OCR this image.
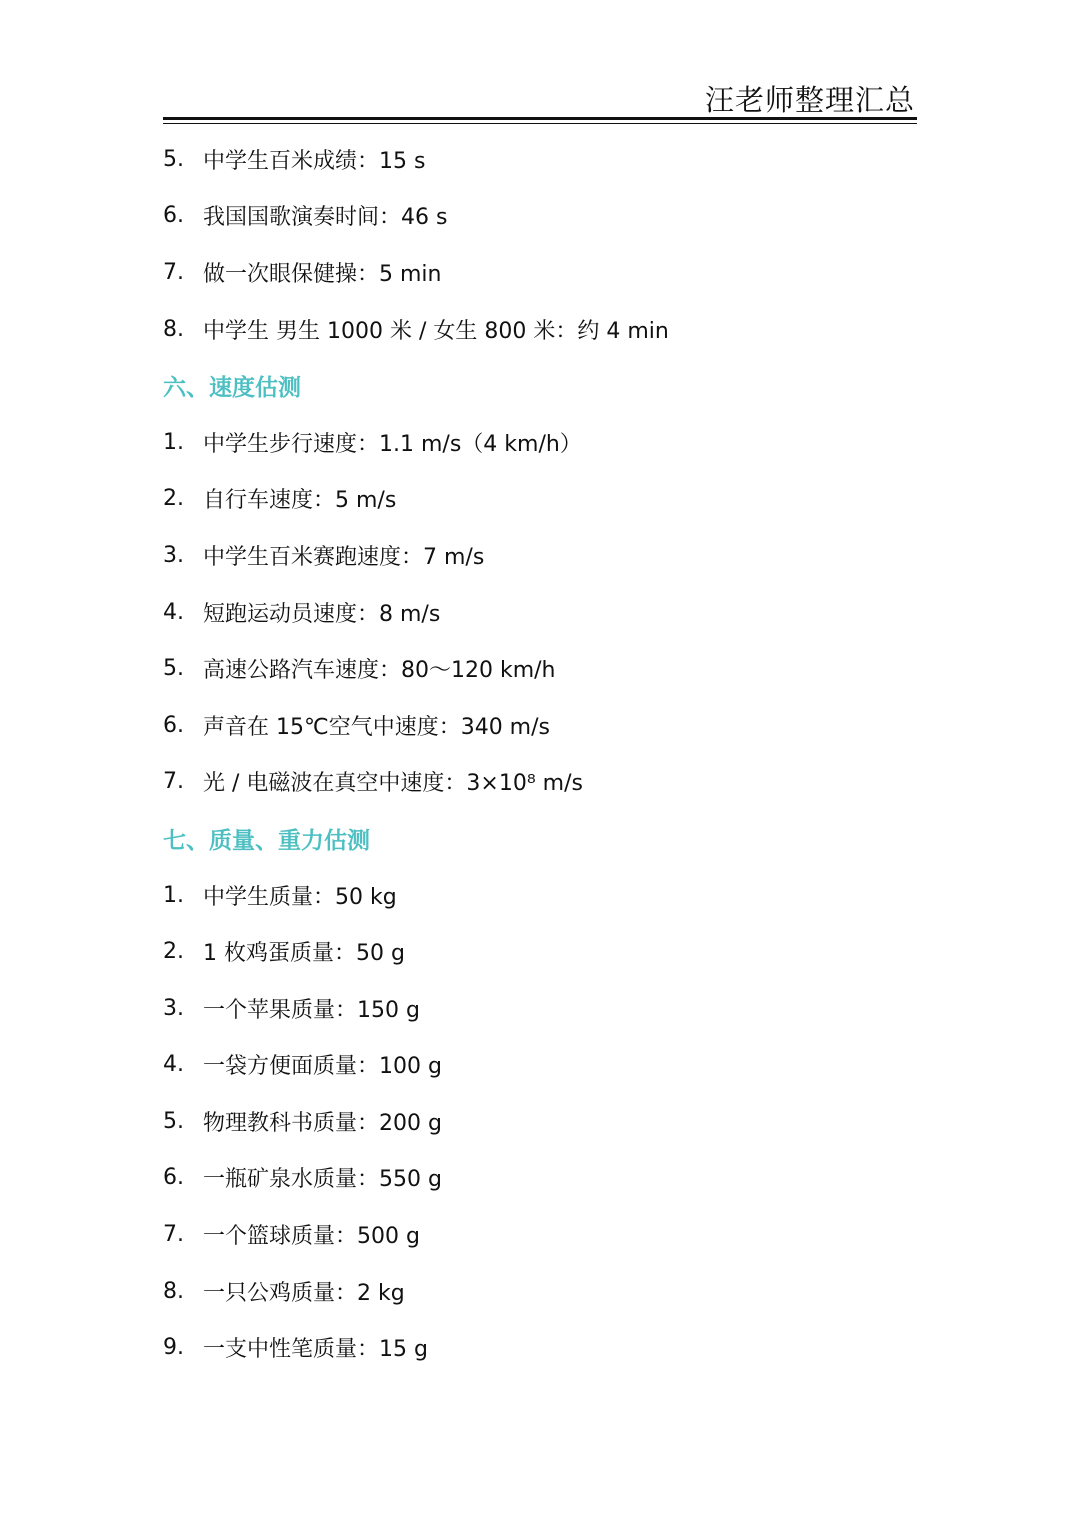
汪老师整理汇总
5. 中学生百米成绩：15 s
6. 我国国歌演奏时间：46 s
7. 做一次眼保健操：5 min
8. 中学生 男生 1000 米 / 女生 800 米：约 4 min
六、速度估测
1. 中学生步行速度：1.1 m/s（4 km/h）
2. 自行车速度：5 m/s
3. 中学生百米赛跑速度：7 m/s
4. 短跑运动员速度：8 m/s
5. 高速公路汽车速度：80～120 km/h
6. 声音在 15℃空气中速度：340 m/s
7. 光 / 电磁波在真空中速度：3×10⁸ m/s
七、质量、重力估测
1. 中学生质量：50 kg
2. 1 枚鸡蛋质量：50 g
3. 一个苹果质量：150 g
4. 一袋方便面质量：100 g
5. 物理教科书质量：200 g
6. 一瓶矿泉水质量：550 g
7. 一个篮球质量：500 g
8. 一只公鸡质量：2 kg
9. 一支中性笔质量：15 g
